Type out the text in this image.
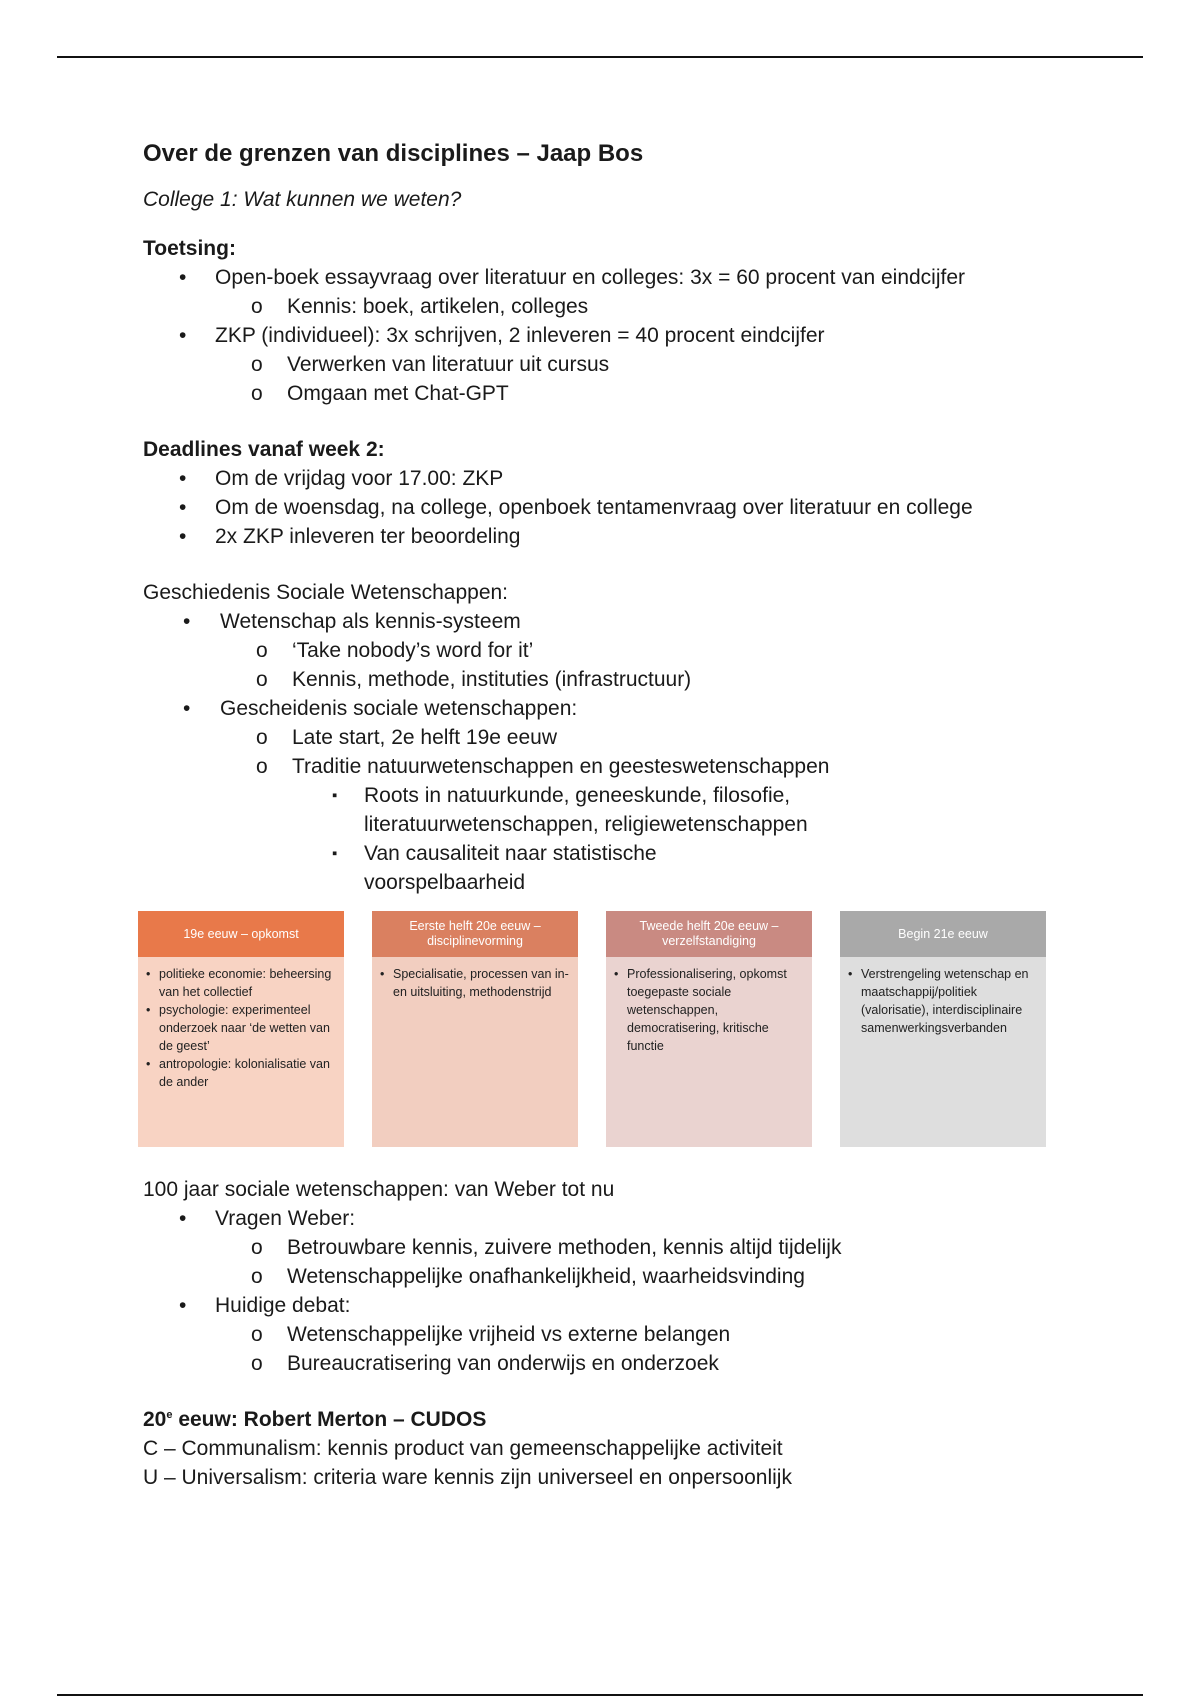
Over de grenzen van disciplines – Jaap Bos

College 1: Wat kunnen we weten?

Toetsing:

• Open-boek essayvraag over literatuur en colleges: 3x = 60 procent van eindcijfer
o Kennis: boek, artikelen, colleges
• ZKP (individueel): 3x schrijven, 2 inleveren = 40 procent eindcijfer
o Verwerken van literatuur uit cursus
o Omgaan met Chat-GPT

Deadlines vanaf week 2:

• Om de vrijdag voor 17.00: ZKP
• Om de woensdag, na college, openboek tentamenvraag over literatuur en college
• 2x ZKP inleveren ter beoordeling

Geschiedenis Sociale Wetenschappen:

• Wetenschap als kennis-systeem
o ‘Take nobody’s word for it’
o Kennis, methode, instituties (infrastructuur)
• Gescheidenis sociale wetenschappen:
o Late start, 2e helft 19e eeuw
o Traditie natuurwetenschappen en geesteswetenschappen
▪ Roots in natuurkunde, geneeskunde, filosofie, literatuurwetenschappen, religiewetenschappen
▪ Van causaliteit naar statistische voorspelbaarheid
19e eeuw – opkomst
• politieke economie: beheersing van het collectief
• psychologie: experimenteel onderzoek naar ‘de wetten van de geest’
• antropologie: kolonialisatie van de ander
Eerste helft 20e eeuw – disciplinevorming
• Specialisatie, processen van in- en uitsluiting, methodenstrijd
Tweede helft 20e eeuw – verzelfstandiging
• Professionalisering, opkomst toegepaste sociale wetenschappen, democratisering, kritische functie
Begin 21e eeuw
• Verstrengeling wetenschap en maatschappij/politiek (valorisatie), interdisciplinaire samenwerkingsverbanden

100 jaar sociale wetenschappen: van Weber tot nu

• Vragen Weber:
o Betrouwbare kennis, zuivere methoden, kennis altijd tijdelijk
o Wetenschappelijke onafhankelijkheid, waarheidsvinding
• Huidige debat:
o Wetenschappelijke vrijheid vs externe belangen
o Bureaucratisering van onderwijs en onderzoek

20e eeuw: Robert Merton – CUDOS

C – Communalism: kennis product van gemeenschappelijke activiteit

U – Universalism: criteria ware kennis zijn universeel en onpersoonlijk
